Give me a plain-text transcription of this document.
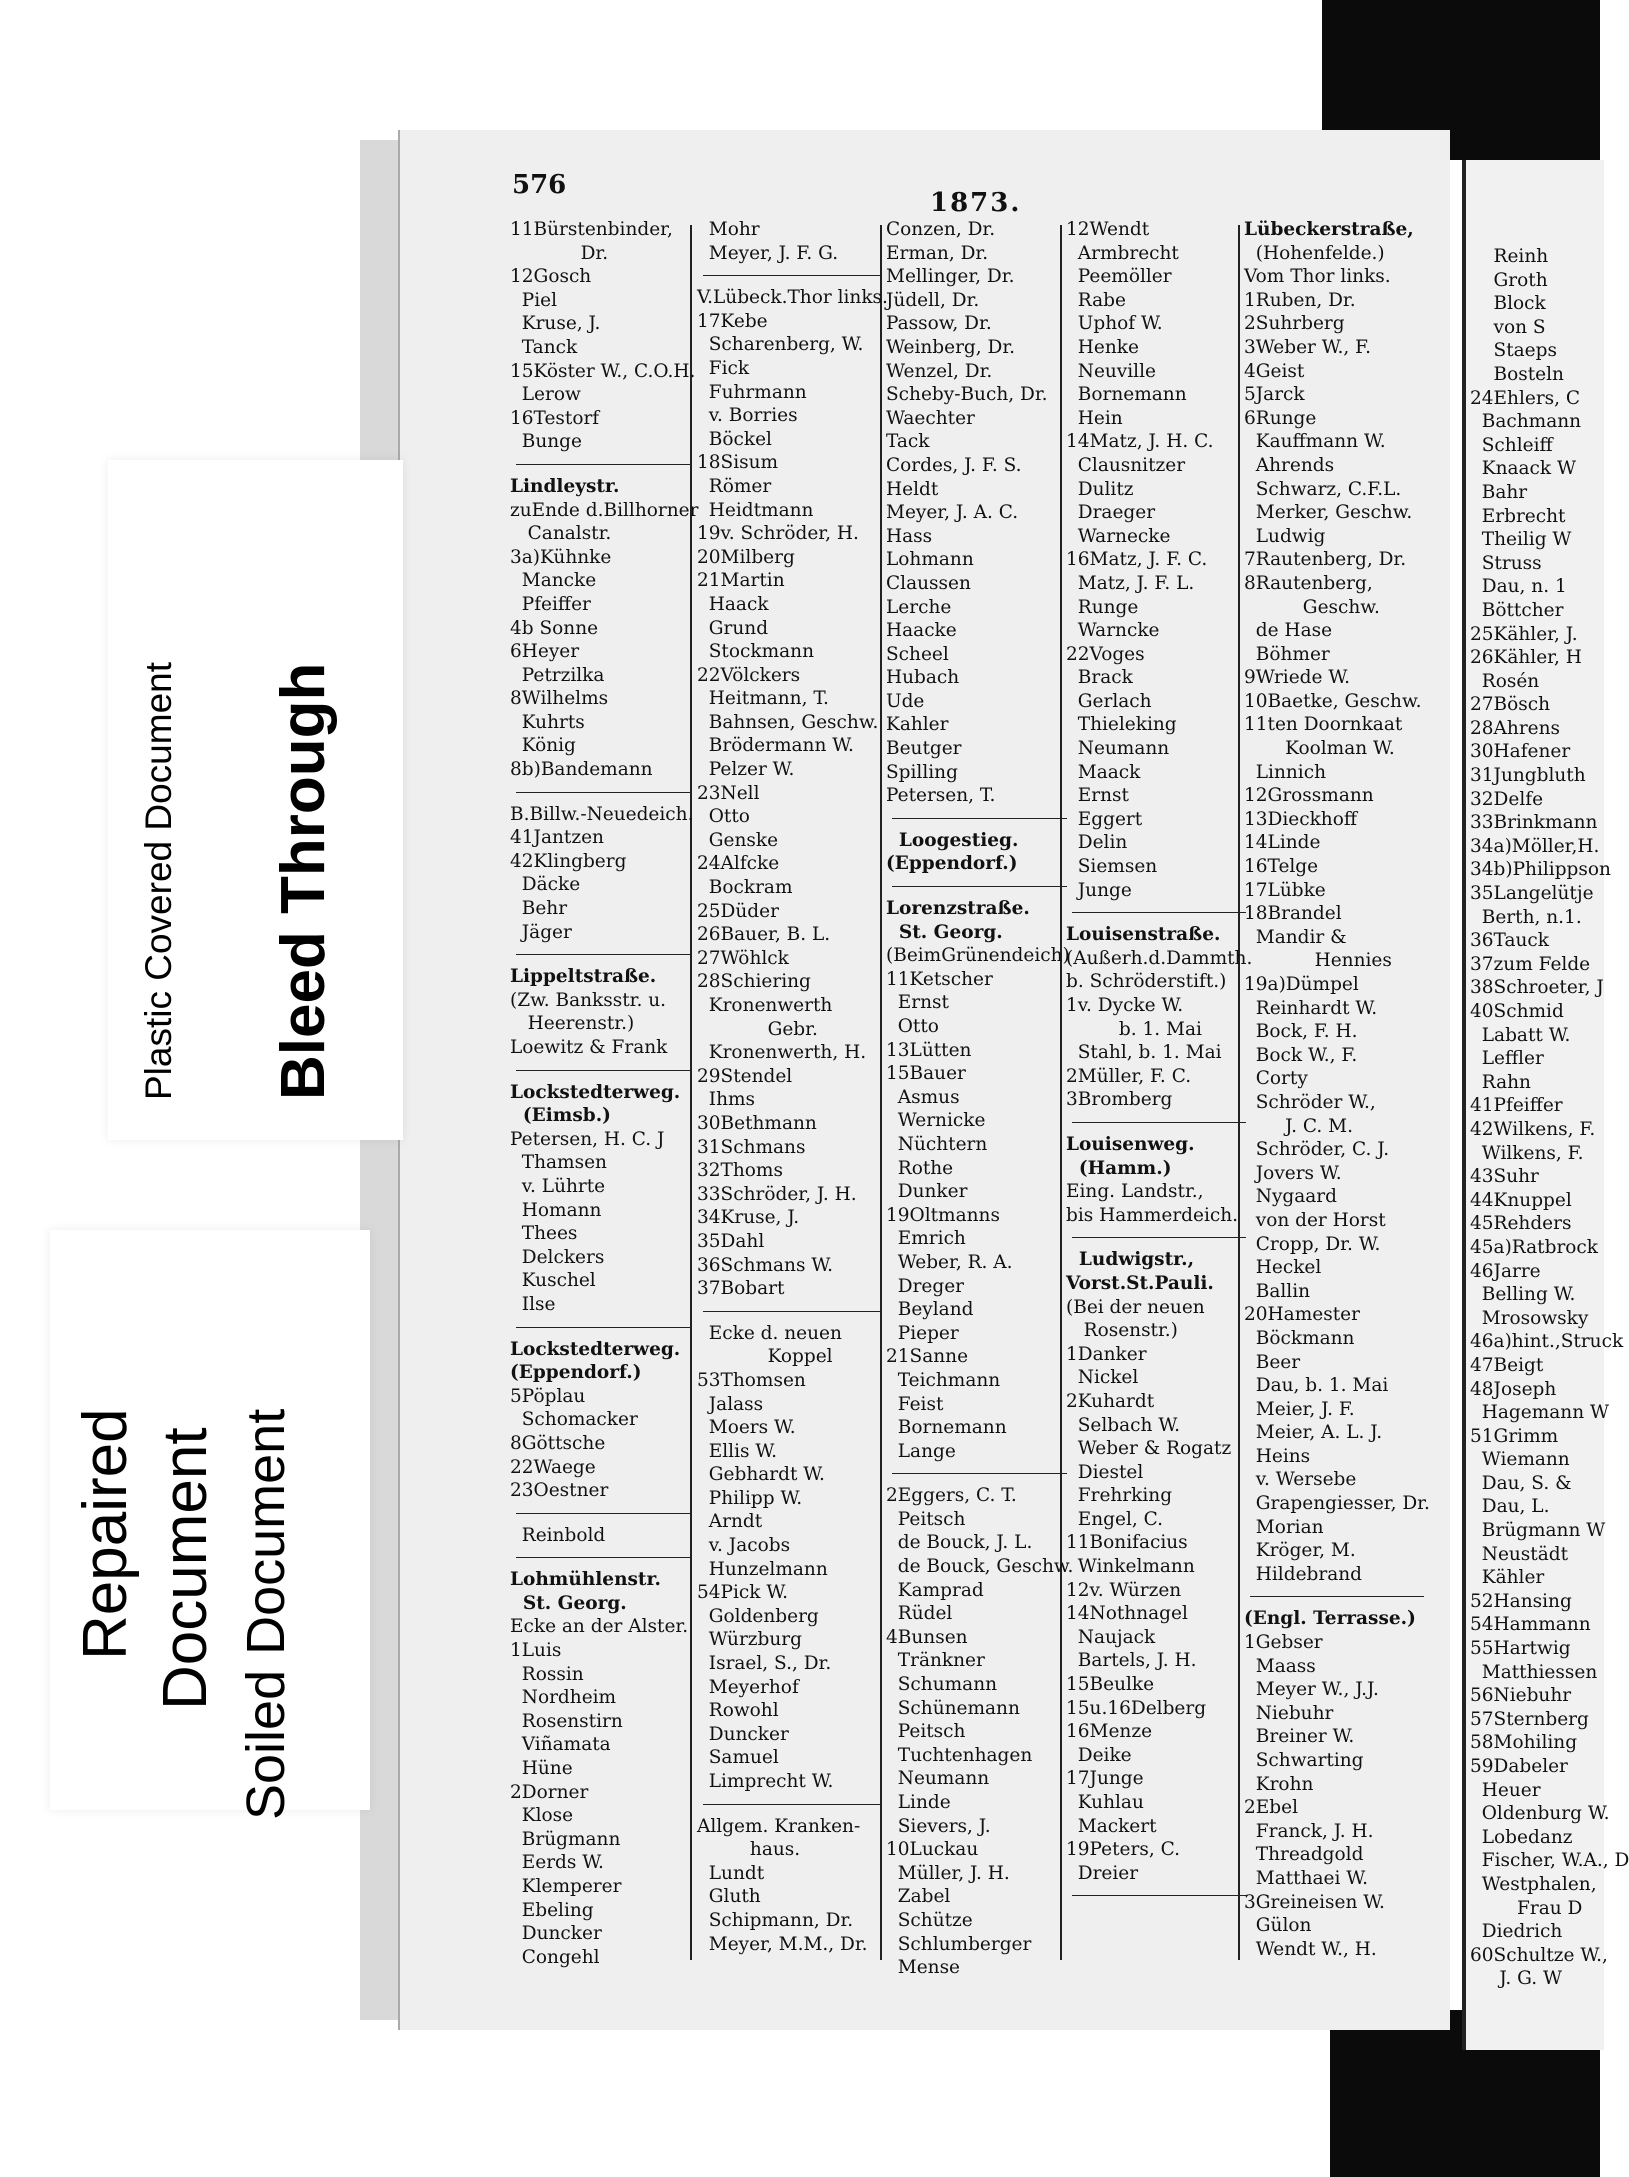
576
1873.
11Bürstenbinder,
Dr.
12Gosch
Piel
Kruse, J.
Tanck
15Köster W., C.O.H.
Lerow
16Testorf
Bunge
Lindleystr.
zuEnde d.Billhorner
Canalstr.
3a)Kühnke
Mancke
Pfeiffer
4b Sonne
6Heyer
Petrzilka
8Wilhelms
Kuhrts
König
8b)Bandemann
B.Billw.-Neuedeich.
41Jantzen
42Klingberg
Däcke
Behr
Jäger
Lippeltstraße.
(Zw. Banksstr. u.
Heerenstr.)
Loewitz & Frank
Lockstedterweg.
(Eimsb.)
Petersen, H. C. J
Thamsen
v. Lührte
Homann
Thees
Delckers
Kuschel
Ilse
Lockstedterweg.
(Eppendorf.)
5Pöplau
Schomacker
8Göttsche
22Waege
23Oestner
Reinbold
Lohmühlenstr.
St. Georg.
Ecke an der Alster.
1Luis
Rossin
Nordheim
Rosenstirn
Viñamata
Hüne
2Dorner
Klose
Brügmann
Eerds W.
Klemperer
Ebeling
Duncker
Congehl
Mohr
Meyer, J. F. G.
V.Lübeck.Thor links.
17Kebe
Scharenberg, W.
Fick
Fuhrmann
v. Borries
Böckel
18Sisum
Römer
Heidtmann
19v. Schröder, H.
20Milberg
21Martin
Haack
Grund
Stockmann
22Völckers
Heitmann, T.
Bahnsen, Geschw.
Brödermann W.
Pelzer W.
23Nell
Otto
Genske
24Alfcke
Bockram
25Düder
26Bauer, B. L.
27Wöhlck
28Schiering
Kronenwerth
Gebr.
Kronenwerth, H.
29Stendel
Ihms
30Bethmann
31Schmans
32Thoms
33Schröder, J. H.
34Kruse, J.
35Dahl
36Schmans W.
37Bobart
Ecke d. neuen
Koppel
53Thomsen
Jalass
Moers W.
Ellis W.
Gebhardt W.
Philipp W.
Arndt
v. Jacobs
Hunzelmann
54Pick W.
Goldenberg
Würzburg
Israel, S., Dr.
Meyerhof
Rowohl
Duncker
Samuel
Limprecht W.
Allgem. Kranken-
haus.
Lundt
Gluth
Schipmann, Dr.
Meyer, M.M., Dr.
Conzen, Dr.
Erman, Dr.
Mellinger, Dr.
Jüdell, Dr.
Passow, Dr.
Weinberg, Dr.
Wenzel, Dr.
Scheby-Buch, Dr.
Waechter
Tack
Cordes, J. F. S.
Heldt
Meyer, J. A. C.
Hass
Lohmann
Claussen
Lerche
Haacke
Scheel
Hubach
Ude
Kahler
Beutger
Spilling
Petersen, T.
Loogestieg.
(Eppendorf.)
Lorenzstraße.
St. Georg.
(BeimGrünendeich)
11Ketscher
Ernst
Otto
13Lütten
15Bauer
Asmus
Wernicke
Nüchtern
Rothe
Dunker
19Oltmanns
Emrich
Weber, R. A.
Dreger
Beyland
Pieper
21Sanne
Teichmann
Feist
Bornemann
Lange
2Eggers, C. T.
Peitsch
de Bouck, J. L.
de Bouck, Geschw.
Kamprad
Rüdel
4Bunsen
Tränkner
Schumann
Schünemann
Peitsch
Tuchtenhagen
Neumann
Linde
Sievers, J.
10Luckau
Müller, J. H.
Zabel
Schütze
Schlumberger
Mense
12Wendt
Armbrecht
Peemöller
Rabe
Uphof W.
Henke
Neuville
Bornemann
Hein
14Matz, J. H. C.
Clausnitzer
Dulitz
Draeger
Warnecke
16Matz, J. F. C.
Matz, J. F. L.
Runge
Warncke
22Voges
Brack
Gerlach
Thieleking
Neumann
Maack
Ernst
Eggert
Delin
Siemsen
Junge
Louisenstraße.
(Außerh.d.Dammth.
b. Schröderstift.)
1v. Dycke W.
b. 1. Mai
Stahl, b. 1. Mai
2Müller, F. C.
3Bromberg
Louisenweg.
(Hamm.)
Eing. Landstr.,
bis Hammerdeich.
Ludwigstr.,
Vorst.St.Pauli.
(Bei der neuen
Rosenstr.)
1Danker
Nickel
2Kuhardt
Selbach W.
Weber & Rogatz
Diestel
Frehrking
Engel, C.
11Bonifacius
Winkelmann
12v. Würzen
14Nothnagel
Naujack
Bartels, J. H.
15Beulke
15u.16Delberg
16Menze
Deike
17Junge
Kuhlau
Mackert
19Peters, C.
Dreier
Lübeckerstraße,
(Hohenfelde.)
Vom Thor links.
1Ruben, Dr.
2Suhrberg
3Weber W., F.
4Geist
5Jarck
6Runge
Kauffmann W.
Ahrends
Schwarz, C.F.L.
Merker, Geschw.
Ludwig
7Rautenberg, Dr.
8Rautenberg,
Geschw.
de Hase
Böhmer
9Wriede W.
10Baetke, Geschw.
11ten Doornkaat
Koolman W.
Linnich
12Grossmann
13Dieckhoff
14Linde
16Telge
17Lübke
18Brandel
Mandir &
Hennies
19a)Dümpel
Reinhardt W.
Bock, F. H.
Bock W., F.
Corty
Schröder W.,
J. C. M.
Schröder, C. J.
Jovers W.
Nygaard
von der Horst
Cropp, Dr. W.
Heckel
Ballin
20Hamester
Böckmann
Beer
Dau, b. 1. Mai
Meier, J. F.
Meier, A. L. J.
Heins
v. Wersebe
Grapengiesser, Dr.
Morian
Kröger, M.
Hildebrand
(Engl. Terrasse.)
1Gebser
Maass
Meyer W., J.J.
Niebuhr
Breiner W.
Schwarting
Krohn
2Ebel
Franck, J. H.
Threadgold
Matthaei W.
3Greineisen W.
Gülon
Wendt W., H.
Reinh
Groth
Block
von S
Staeps
Bosteln
24Ehlers, C
Bachmann
Schleiff
Knaack W
Bahr
Erbrecht
Theilig W
Struss
Dau, n. 1
Böttcher
25Kähler, J.
26Kähler, H
Rosén
27Bösch
28Ahrens
30Hafener
31Jungbluth
32Delfe
33Brinkmann
34a)Möller,H.
34b)Philippson
35Langelütje
Berth, n.1.
36Tauck
37zum Felde
38Schroeter, J
40Schmid
Labatt W.
Leffler
Rahn
41Pfeiffer
42Wilkens, F.
Wilkens, F.
43Suhr
44Knuppel
45Rehders
45a)Ratbrock
46Jarre
Belling W.
Mrosowsky
46a)hint.,Struck
47Beigt
48Joseph
Hagemann W
51Grimm
Wiemann
Dau, S. &
Dau, L.
Brügmann W
Neustädt
Kähler
52Hansing
54Hammann
55Hartwig
Matthiessen
56Niebuhr
57Sternberg
58Mohiling
59Dabeler
Heuer
Oldenburg W.
Lobedanz
Fischer, W.A., D
Westphalen,
Frau D
Diedrich
60Schultze W.,
J. G. W
Plastic Covered Document Bleed Through
Repaired Document Soiled Document
